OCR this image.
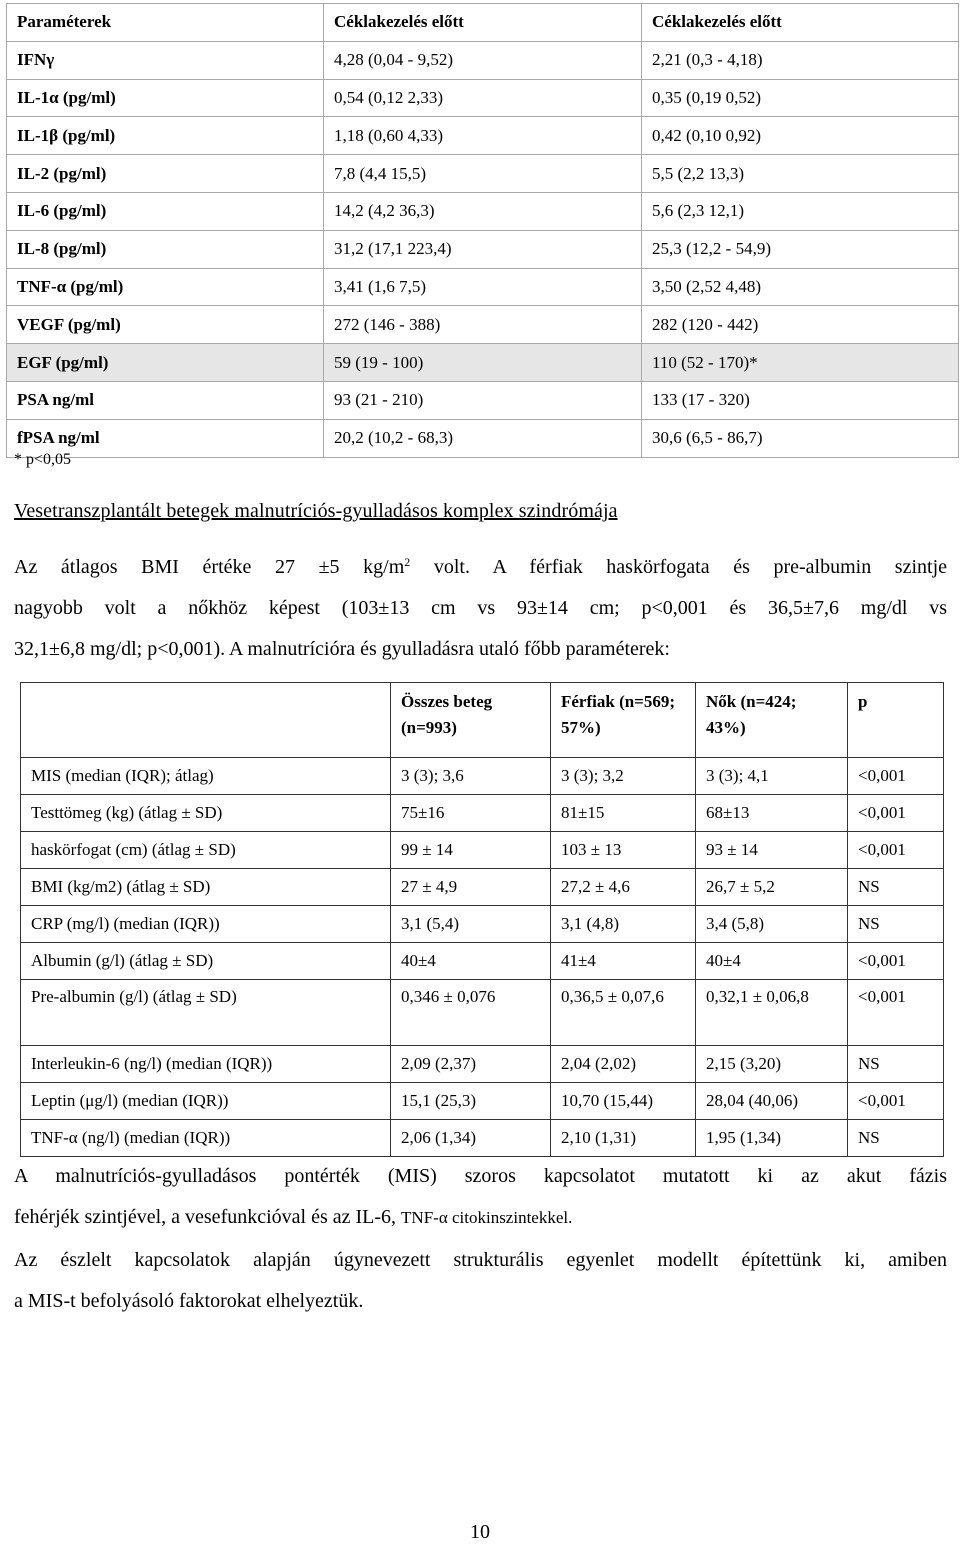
Paraméterek	Céklakezelés előtt	Céklakezelés előtt
IFNγ	4,28 (0,04 - 9,52)	2,21 (0,3 - 4,18)
IL-1α (pg/ml)	0,54 (0,12 2,33)	0,35 (0,19 0,52)
IL-1β (pg/ml)	1,18 (0,60 4,33)	0,42 (0,10 0,92)
IL-2 (pg/ml)	7,8 (4,4 15,5)	5,5 (2,2 13,3)
IL-6 (pg/ml)	14,2 (4,2 36,3)	5,6 (2,3 12,1)
IL-8 (pg/ml)	31,2 (17,1 223,4)	25,3 (12,2 - 54,9)
TNF-α (pg/ml)	3,41 (1,6 7,5)	3,50 (2,52 4,48)
VEGF (pg/ml)	272 (146 - 388)	282 (120 - 442)
EGF (pg/ml)	59 (19 - 100)	110 (52 - 170)*
PSA ng/ml	93 (21 - 210)	133 (17 - 320)
fPSA ng/ml	20,2 (10,2 - 68,3)	30,6 (6,5 - 86,7)
* p<0,05
Vesetranszplantált betegek malnutríciós-gyulladásos komplex szindrómája
Az átlagos BMI értéke 27 ±5 $kg/m^2$ volt. A férfiak haskörfogata és pre-albumin szintje
nagyobb volt a nőkhöz képest (103±13 cm vs 93±14 cm; p<0,001 és 36,5±7,6 mg/dl vs
32,1±6,8 mg/dl; p<0,001). A malnutrícióra és gyulladásra utaló főbb paraméterek:
	Összes beteg (n=993)	Férfiak (n=569; 57%)	Nők (n=424; 43%)	p
MIS (median (IQR); átlag)	3 (3); 3,6	3 (3); 3,2	3 (3); 4,1	<0,001
Testtömeg (kg) (átlag ± SD)	75±16	81±15	68±13	<0,001
haskörfogat (cm) (átlag ± SD)	99 ± 14	103 ± 13	93 ± 14	<0,001
BMI (kg/m2) (átlag ± SD)	27 ± 4,9	27,2 ± 4,6	26,7 ± 5,2	NS
CRP (mg/l) (median (IQR))	3,1 (5,4)	3,1 (4,8)	3,4 (5,8)	NS
Albumin (g/l) (átlag ± SD)	40±4	41±4	40±4	<0,001
Pre-albumin (g/l) (átlag ± SD)	0,346 ± 0,076	0,36,5 ± 0,07,6	0,32,1 ± 0,06,8	<0,001
Interleukin-6 (ng/l) (median (IQR))	2,09 (2,37)	2,04 (2,02)	2,15 (3,20)	NS
Leptin (μg/l) (median (IQR))	15,1 (25,3)	10,70 (15,44)	28,04 (40,06)	<0,001
TNF-α (ng/l) (median (IQR))	2,06 (1,34)	2,10 (1,31)	1,95 (1,34)	NS
A malnutríciós-gyulladásos pontérték (MIS) szoros kapcsolatot mutatott ki az akut fázis
fehérjék szintjével, a vesefunkcióval és az IL-6, TNF-α citokinszintekkel.
Az észlelt kapcsolatok alapján úgynevezett strukturális egyenlet modellt építettünk ki, amiben
a MIS-t befolyásoló faktorokat elhelyeztük.
10
